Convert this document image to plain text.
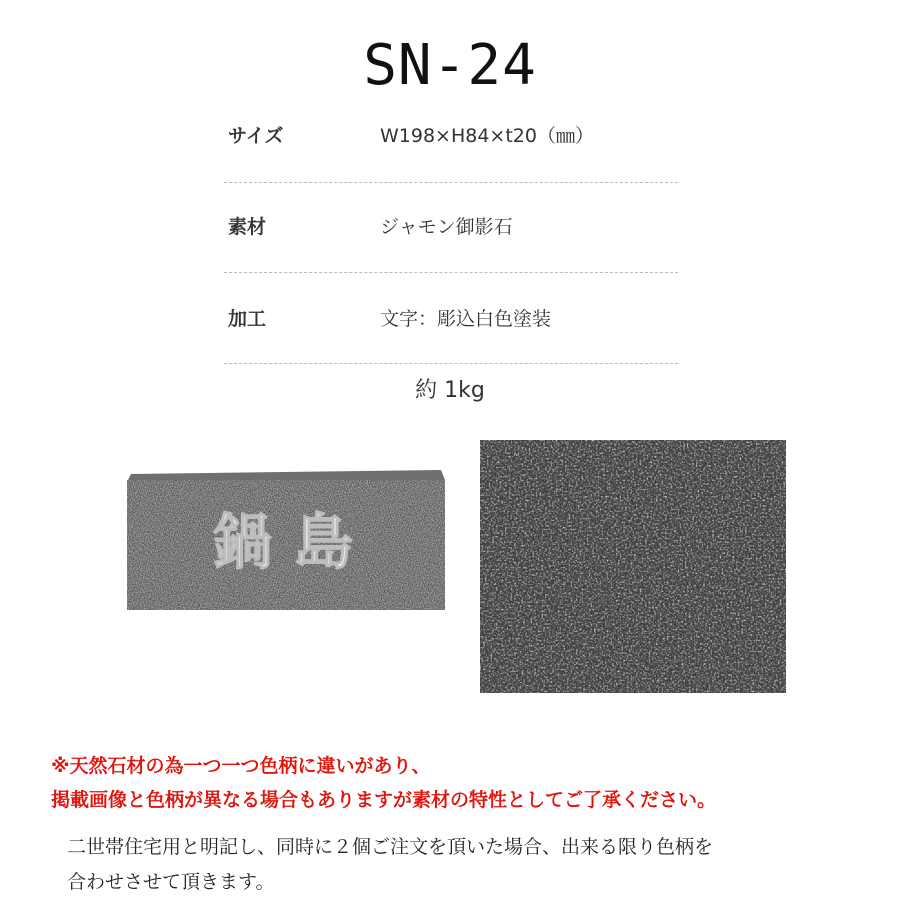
SN-24
サイズ	W198×H84×t20（㎜）
素材	ジャモン御影石
加工	文字：彫込白色塗装
約 1kg
鍋 島
※天然石材の為一つ一つ色柄に違いがあり、
掲載画像と色柄が異なる場合もありますが素材の特性としてご了承ください。
二世帯住宅用と明記し、同時に２個ご注文を頂いた場合、出来る限り色柄を
合わせさせて頂きます。
